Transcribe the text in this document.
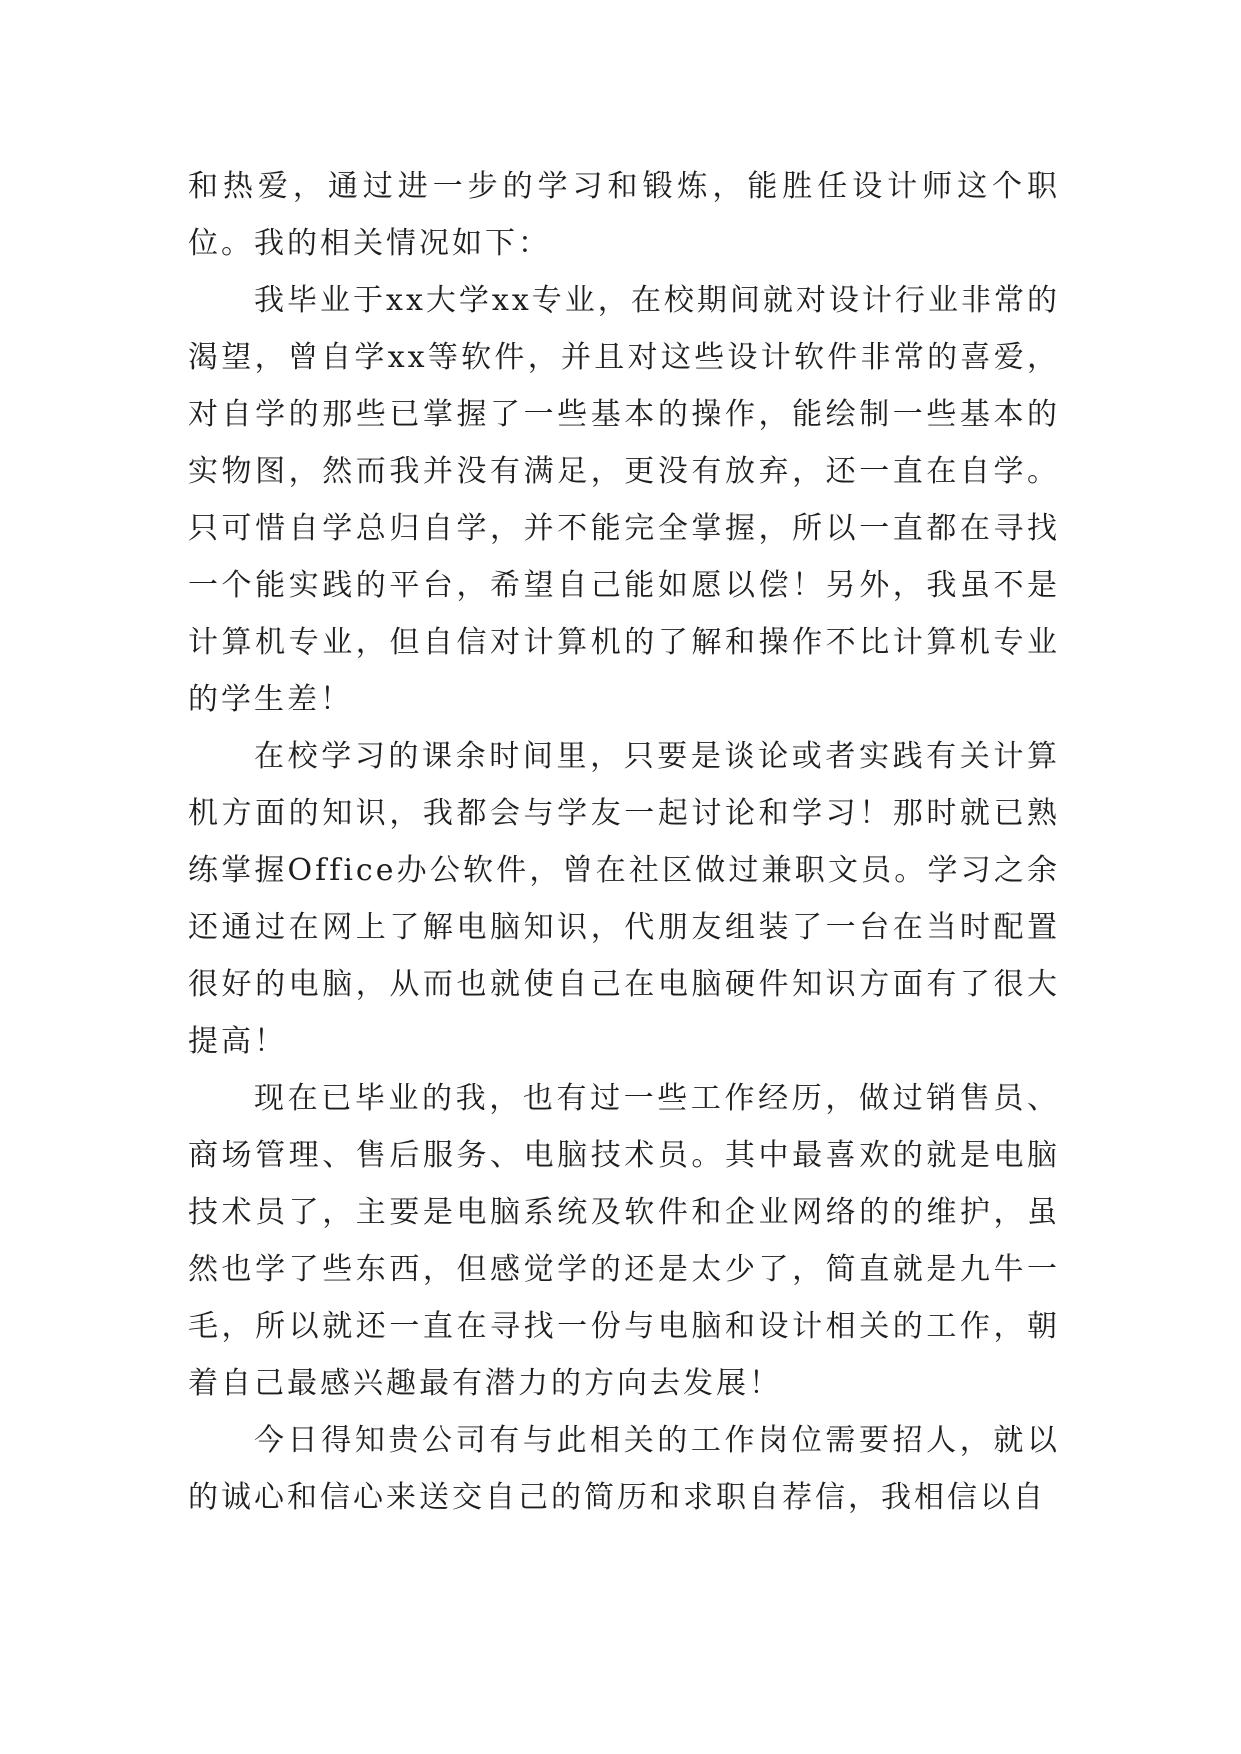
和热爱，通过进一步的学习和锻炼，能胜任设计师这个职位。我的相关情况如下：

我毕业于xx大学xx专业，在校期间就对设计行业非常的渴望，曾自学xx等软件，并且对这些设计软件非常的喜爱，对自学的那些已掌握了一些基本的操作，能绘制一些基本的实物图，然而我并没有满足，更没有放弃，还一直在自学。只可惜自学总归自学，并不能完全掌握，所以一直都在寻找一个能实践的平台，希望自己能如愿以偿！另外，我虽不是计算机专业，但自信对计算机的了解和操作不比计算机专业的学生差！

在校学习的课余时间里，只要是谈论或者实践有关计算机方面的知识，我都会与学友一起讨论和学习！那时就已熟练掌握Office办公软件，曾在社区做过兼职文员。学习之余还通过在网上了解电脑知识，代朋友组装了一台在当时配置很好的电脑，从而也就使自己在电脑硬件知识方面有了很大提高！

现在已毕业的我，也有过一些工作经历，做过销售员、商场管理、售后服务、电脑技术员。其中最喜欢的就是电脑技术员了，主要是电脑系统及软件和企业网络的的维护，虽然也学了些东西，但感觉学的还是太少了，简直就是九牛一毛，所以就还一直在寻找一份与电脑和设计相关的工作，朝着自己最感兴趣最有潜力的方向去发展！

今日得知贵公司有与此相关的工作岗位需要招人，就以的诚心和信心来送交自己的简历和求职自荐信，我相信以自
